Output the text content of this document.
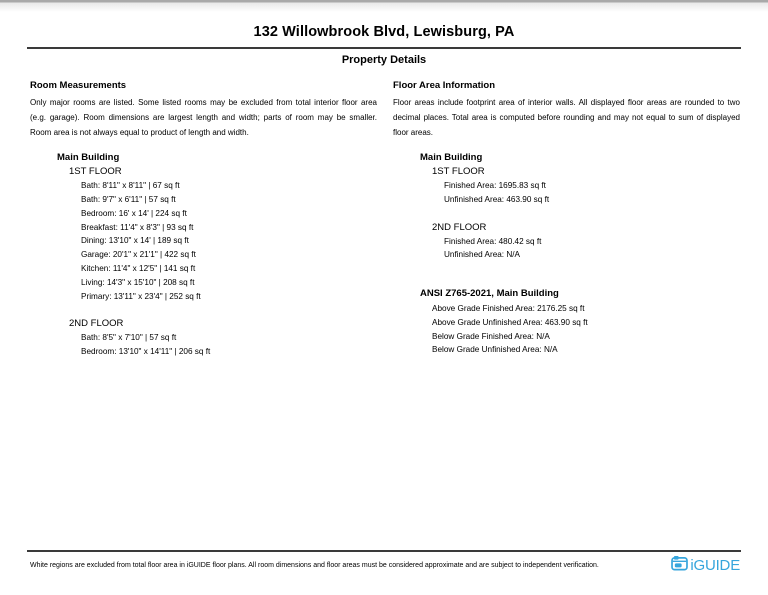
132 Willowbrook Blvd, Lewisburg, PA
Property Details
Room Measurements

Only major rooms are listed. Some listed rooms may be excluded from total interior floor area (e.g. garage). Room dimensions are largest length and width; parts of room may be smaller. Room area is not always equal to product of length and width.

Main Building
1ST FLOOR
Bath: 8'11" x 8'11" | 67 sq ft
Bath: 9'7" x 6'11" | 57 sq ft
Bedroom: 16' x 14' | 224 sq ft
Breakfast: 11'4" x 8'3" | 93 sq ft
Dining: 13'10" x 14' | 189 sq ft
Garage: 20'1" x 21'1" | 422 sq ft
Kitchen: 11'4" x 12'5" | 141 sq ft
Living: 14'3" x 15'10" | 208 sq ft
Primary: 13'11" x 23'4" | 252 sq ft
2ND FLOOR
Bath: 8'5" x 7'10" | 57 sq ft
Bedroom: 13'10" x 14'11" | 206 sq ft
Floor Area Information

Floor areas include footprint area of interior walls. All displayed floor areas are rounded to two decimal places. Total area is computed before rounding and may not equal to sum of displayed floor areas.

Main Building
1ST FLOOR
Finished Area: 1695.83 sq ft
Unfinished Area: 463.90 sq ft
2ND FLOOR
Finished Area: 480.42 sq ft
Unfinished Area: N/A
ANSI Z765-2021, Main Building
Above Grade Finished Area: 2176.25 sq ft
Above Grade Unfinished Area: 463.90 sq ft
Below Grade Finished Area: N/A
Below Grade Unfinished Area: N/A
White regions are excluded from total floor area in iGUIDE floor plans. All room dimensions and floor areas must be considered approximate and are subject to independent verification.	iGUIDE
